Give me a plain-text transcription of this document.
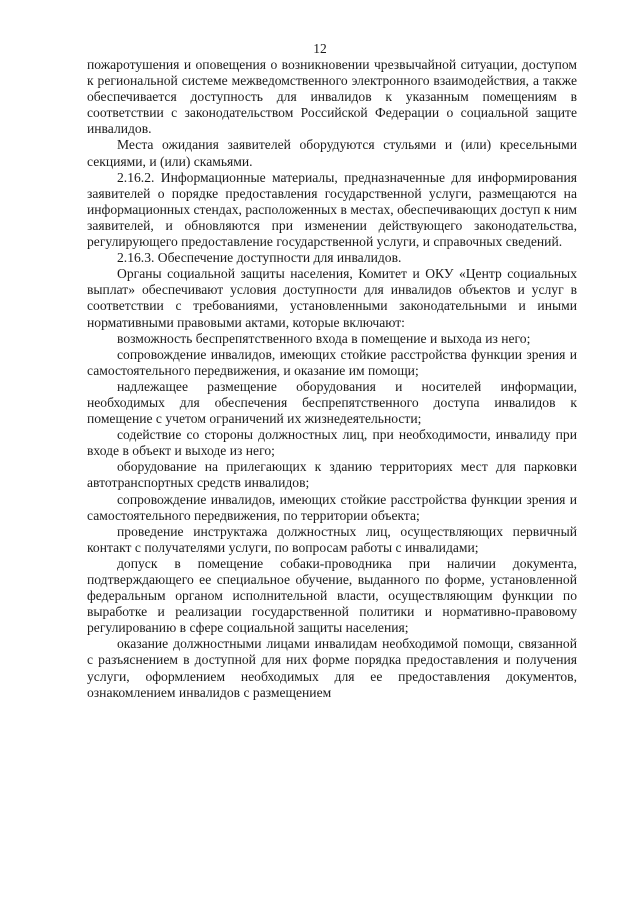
12

пожаротушения и оповещения о возникновении чрезвычайной ситуации, доступом к региональной системе межведомственного электронного взаимодействия, а также обеспечивается доступность для инвалидов к указанным помещениям в соответствии с законодательством Российской Федерации о социальной защите инвалидов.

Места ожидания заявителей оборудуются стульями и (или) кресельными секциями, и (или) скамьями.

2.16.2. Информационные материалы, предназначенные для информирования заявителей о порядке предоставления государственной услуги, размещаются на информационных стендах, расположенных в местах, обеспечивающих доступ к ним заявителей, и обновляются при изменении действующего законодательства, регулирующего предоставление государственной услуги, и справочных сведений.

2.16.3. Обеспечение доступности для инвалидов.

Органы социальной защиты населения, Комитет и ОКУ «Центр социальных выплат» обеспечивают условия доступности для инвалидов объектов и услуг в соответствии с требованиями, установленными законодательными и иными нормативными правовыми актами, которые включают:

возможность беспрепятственного входа в помещение и выхода из него;

сопровождение инвалидов, имеющих стойкие расстройства функции зрения и самостоятельного передвижения, и оказание им помощи;

надлежащее размещение оборудования и носителей информации, необходимых для обеспечения беспрепятственного доступа инвалидов к помещение с учетом ограничений их жизнедеятельности;

содействие со стороны должностных лиц, при необходимости, инвалиду при входе в объект и выходе из него;

оборудование на прилегающих к зданию территориях мест для парковки автотранспортных средств инвалидов;

сопровождение инвалидов, имеющих стойкие расстройства функции зрения и самостоятельного передвижения, по территории объекта;

проведение инструктажа должностных лиц, осуществляющих первичный контакт с получателями услуги, по вопросам работы с инвалидами;

допуск в помещение собаки-проводника при наличии документа, подтверждающего ее специальное обучение, выданного по форме, установленной федеральным органом исполнительной власти, осуществляющим функции по выработке и реализации государственной политики и нормативно-правовому регулированию в сфере социальной защиты населения;

оказание должностными лицами инвалидам необходимой помощи, связанной с разъяснением в доступной для них форме порядка предоставления и получения услуги, оформлением необходимых для ее предоставления документов, ознакомлением инвалидов с размещением
